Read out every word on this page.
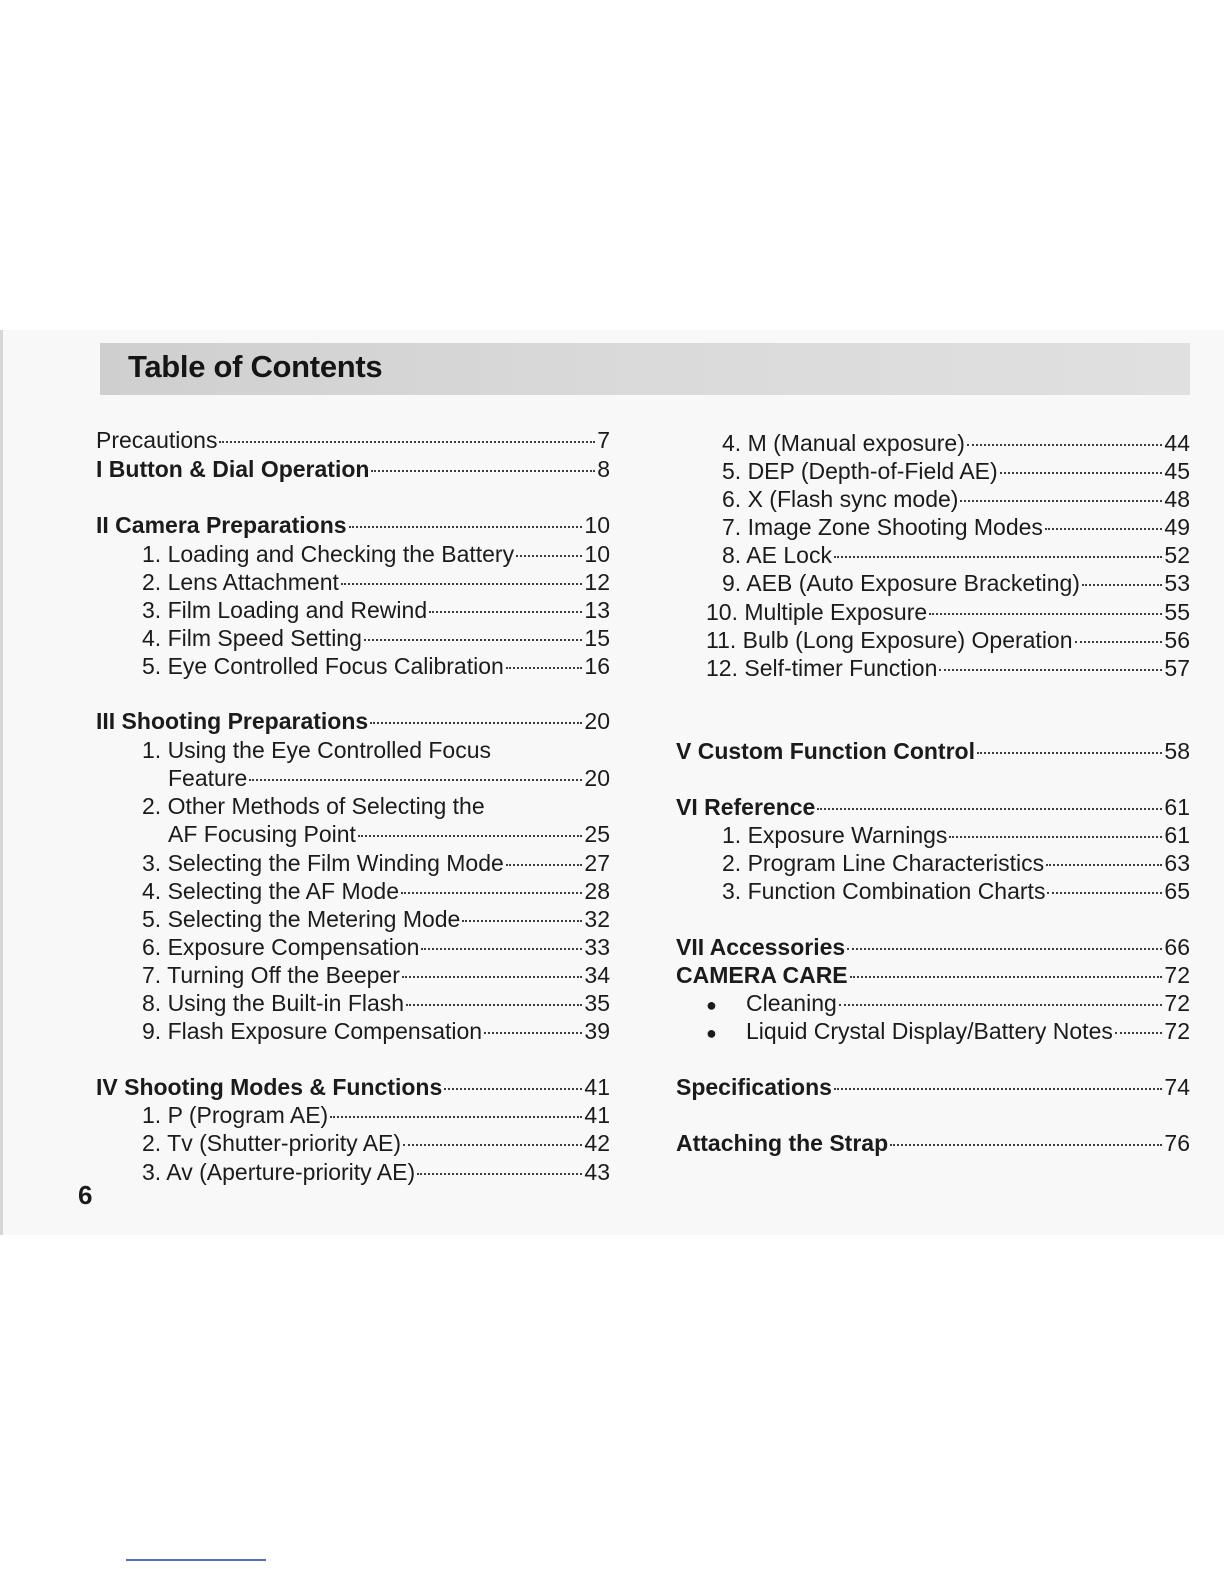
Table of Contents
Precautions	7
I Button & Dial Operation	8
II Camera Preparations	10
1. Loading and Checking the Battery	10
2. Lens Attachment	12
3. Film Loading and Rewind	13
4. Film Speed Setting	15
5. Eye Controlled Focus Calibration	16
III Shooting Preparations	20
1. Using the Eye Controlled Focus
Feature	20
2. Other Methods of Selecting the
AF Focusing Point	25
3. Selecting the Film Winding Mode	27
4. Selecting the AF Mode	28
5. Selecting the Metering Mode	32
6. Exposure Compensation	33
7. Turning Off the Beeper	34
8. Using the Built-in Flash	35
9. Flash Exposure Compensation	39
IV Shooting Modes & Functions	41
1. P (Program AE)	41
2. Tv (Shutter-priority AE)	42
3. Av (Aperture-priority AE)	43
4. M (Manual exposure)	44
5. DEP (Depth-of-Field AE)	45
6. X (Flash sync mode)	48
7. Image Zone Shooting Modes	49
8. AE Lock	52
9. AEB (Auto Exposure Bracketing)	53
10. Multiple Exposure	55
11. Bulb (Long Exposure) Operation	56
12. Self-timer Function	57
V Custom Function Control	58
VI Reference	61
1. Exposure Warnings	61
2. Program Line Characteristics	63
3. Function Combination Charts	65
VII Accessories	66
CAMERA CARE	72
●	Cleaning	72
●	Liquid Crystal Display/Battery Notes 72
Specifications	74
Attaching the Strap	76
6
